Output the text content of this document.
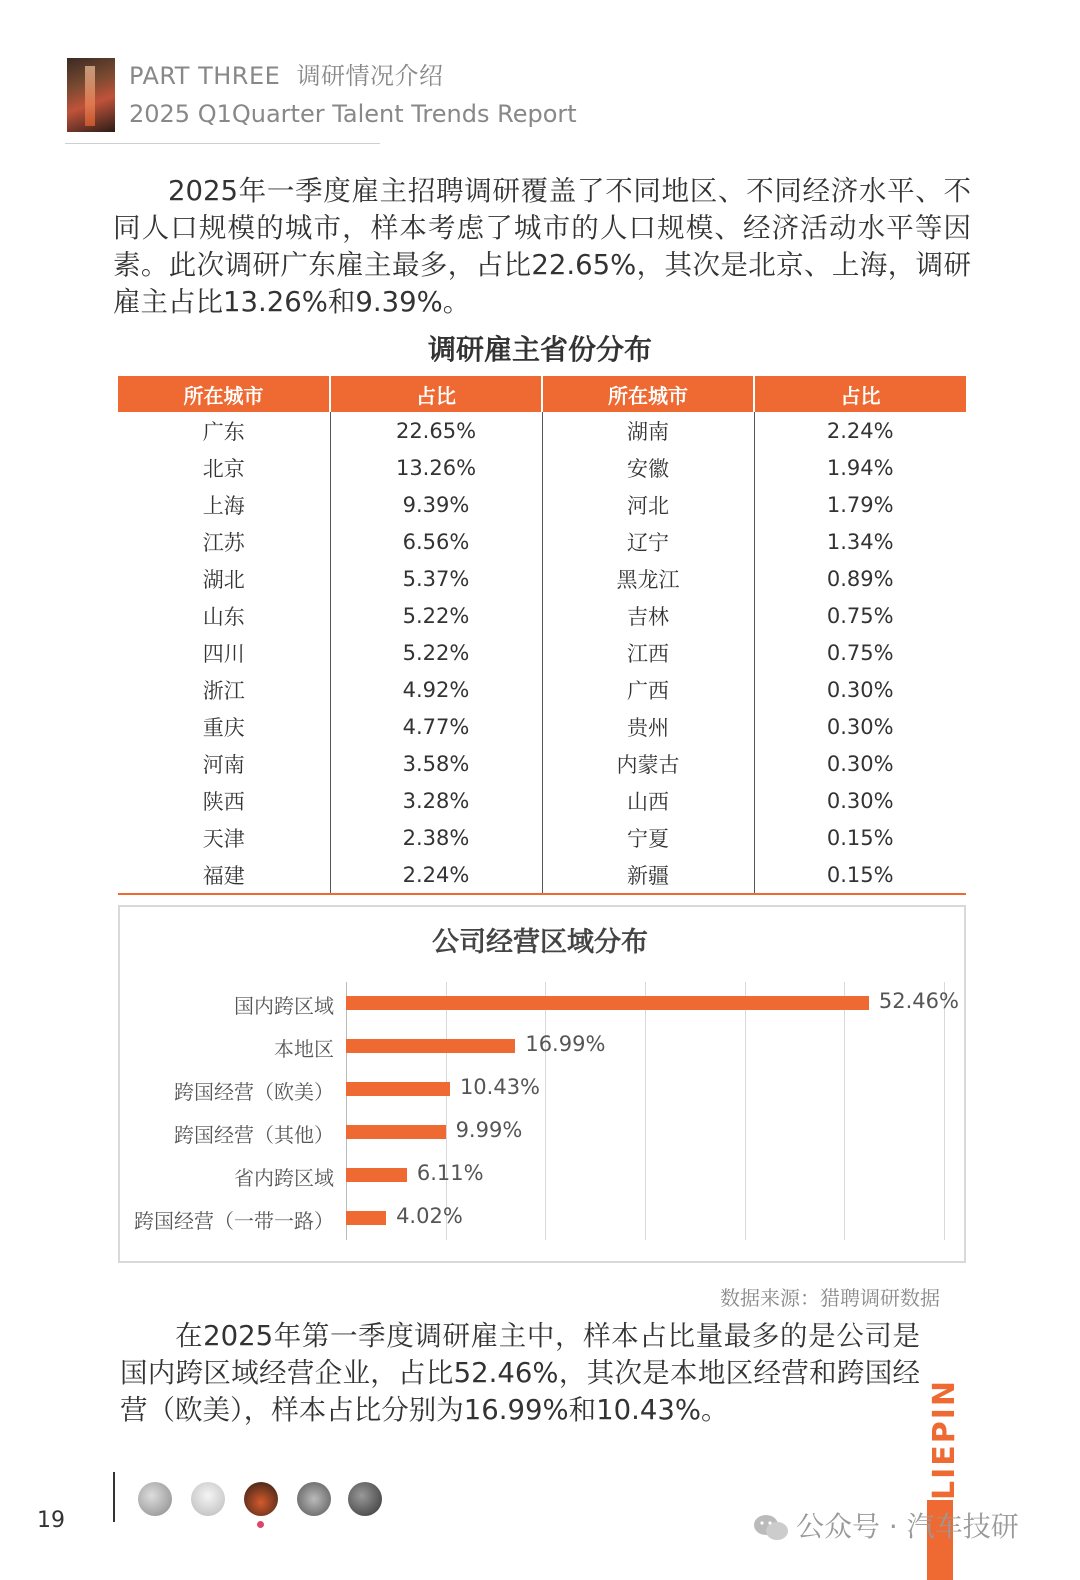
PART THREE 调研情况介绍
2025 Q1Quarter Talent Trends Report
2025年一季度雇主招聘调研覆盖了不同地区、不同经济水平、不同人口规模的城市，样本考虑了城市的人口规模、经济活动水平等因素。此次调研广东雇主最多，占比22.65%，其次是北京、上海，调研雇主占比13.26%和9.39%。
调研雇主省份分布
所在城市	占比	所在城市	占比
广东	22.65%	湖南	2.24%
北京	13.26%	安徽	1.94%
上海	9.39%	河北	1.79%
江苏	6.56%	辽宁	1.34%
湖北	5.37%	黑龙江	0.89%
山东	5.22%	吉林	0.75%
四川	5.22%	江西	0.75%
浙江	4.92%	广西	0.30%
重庆	4.77%	贵州	0.30%
河南	3.58%	内蒙古	0.30%
陕西	3.28%	山西	0.30%
天津	2.38%	宁夏	0.15%
福建	2.24%	新疆	0.15%
公司经营区域分布
国内跨区域	52.46%
本地区	16.99%
跨国经营（欧美）	10.43%
跨国经营（其他）	9.99%
省内跨区域	6.11%
跨国经营（一带一路）	4.02%
数据来源：猎聘调研数据
在2025年第一季度调研雇主中，样本占比量最多的是公司是国内跨区域经营企业，占比52.46%，其次是本地区经营和跨国经营（欧美），样本占比分别为16.99%和10.43%。
19
LIEPIN
公众号 · 汽车技研
